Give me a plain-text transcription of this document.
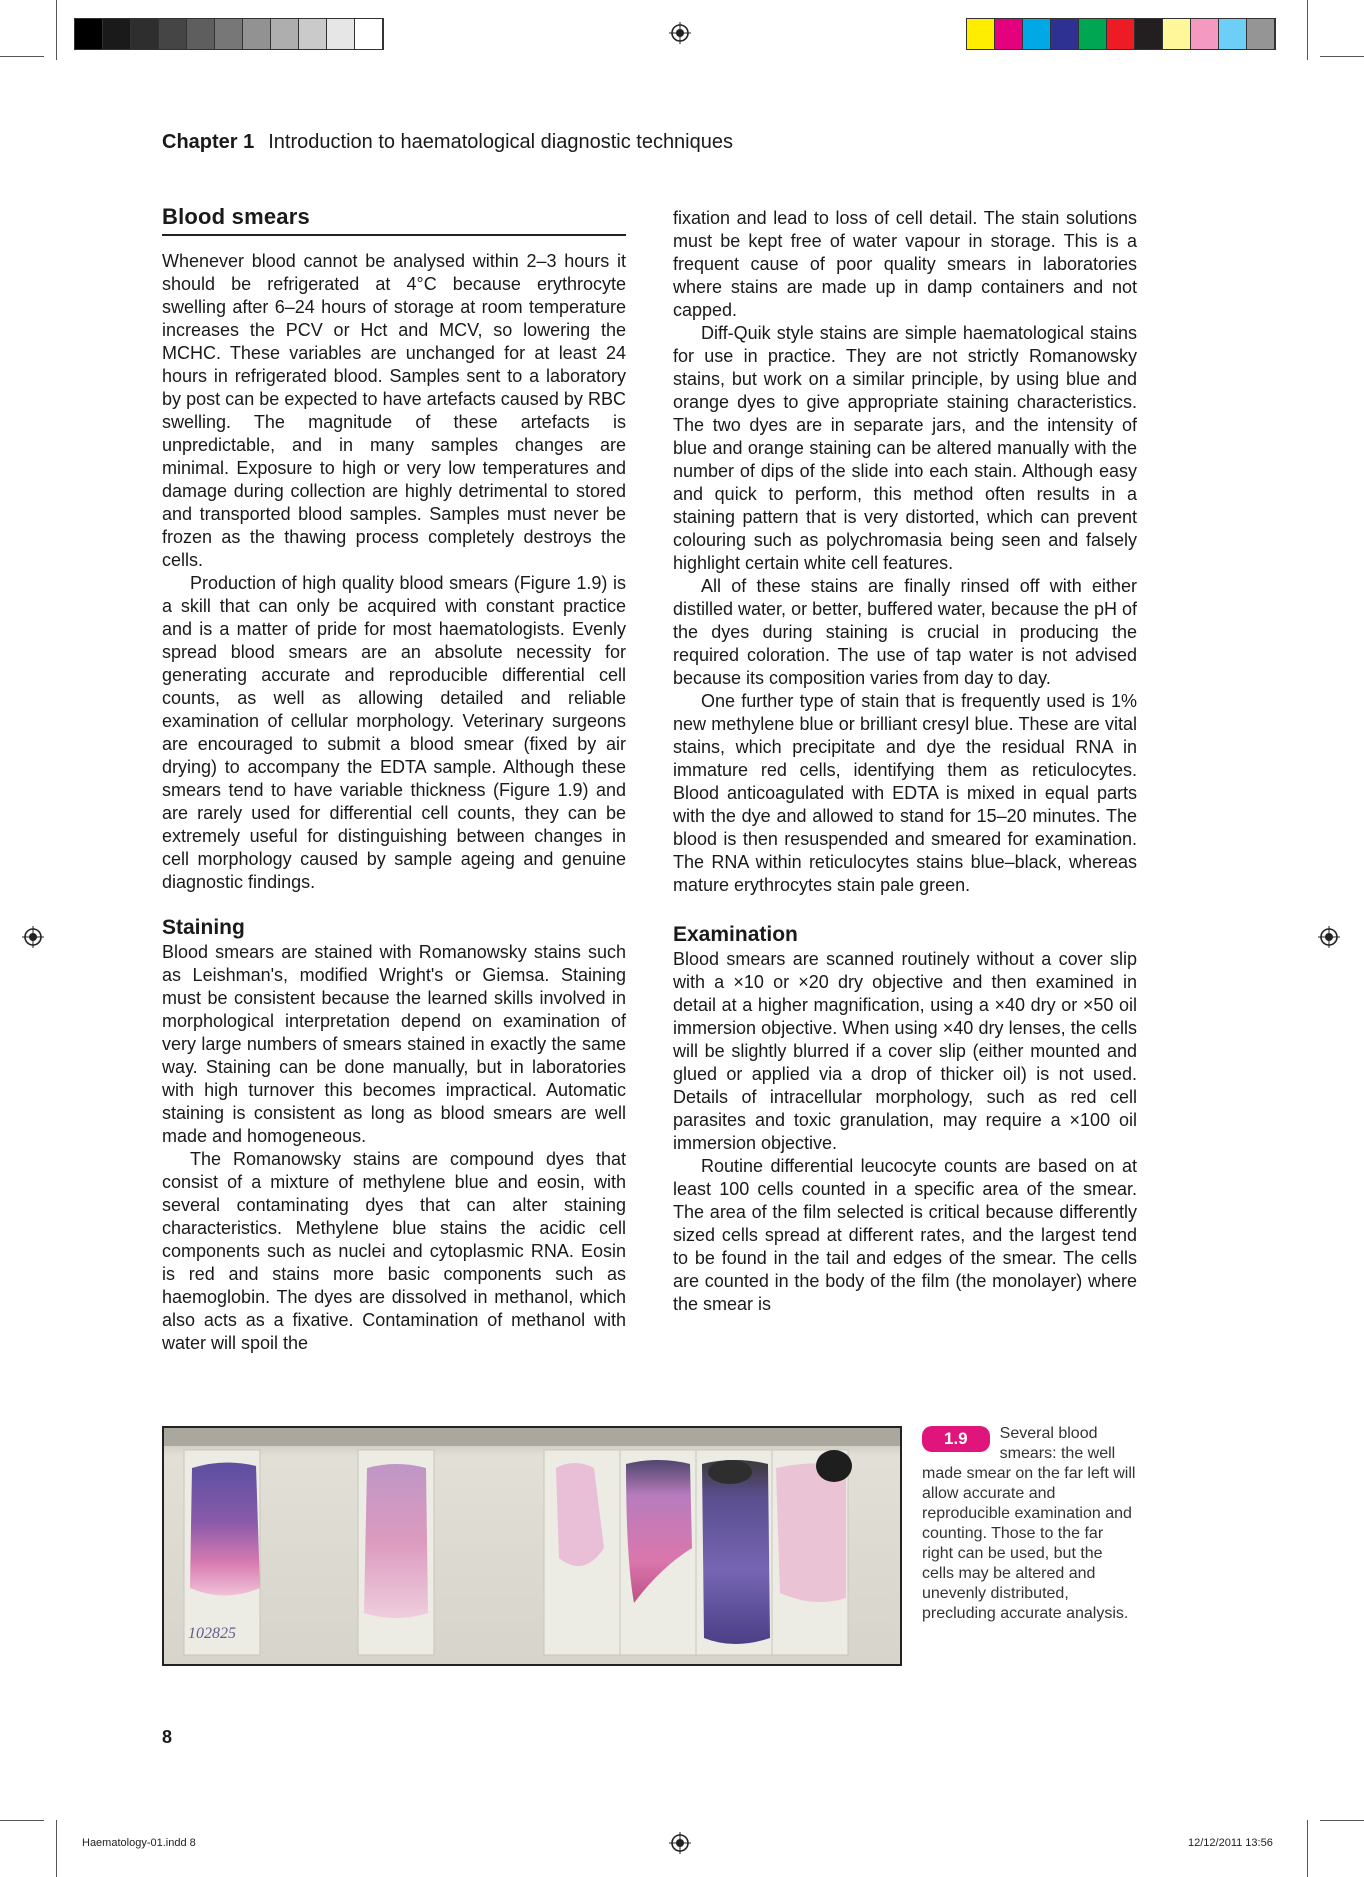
Chapter 1 Introduction to haematological diagnostic techniques
Blood smears

Whenever blood cannot be analysed within 2–3 hours it should be refrigerated at 4°C because erythrocyte swelling after 6–24 hours of storage at room temperature increases the PCV or Hct and MCV, so lowering the MCHC. These variables are unchanged for at least 24 hours in refrigerated blood. Samples sent to a laboratory by post can be expected to have artefacts caused by RBC swelling. The magnitude of these artefacts is unpredictable, and in many samples changes are minimal. Exposure to high or very low temperatures and damage during collection are highly detrimental to stored and transported blood samples. Samples must never be frozen as the thawing process completely destroys the cells.

Production of high quality blood smears (Figure 1.9) is a skill that can only be acquired with constant practice and is a matter of pride for most haematologists. Evenly spread blood smears are an absolute necessity for generating accurate and reproducible differential cell counts, as well as allowing detailed and reliable examination of cellular morphology. Veterinary surgeons are encouraged to submit a blood smear (fixed by air drying) to accompany the EDTA sample. Although these smears tend to have variable thickness (Figure 1.9) and are rarely used for differential cell counts, they can be extremely useful for distinguishing between changes in cell morphology caused by sample ageing and genuine diagnostic findings.

Staining

Blood smears are stained with Romanowsky stains such as Leishman's, modified Wright's or Giemsa. Staining must be consistent because the learned skills involved in morphological interpretation depend on examination of very large numbers of smears stained in exactly the same way. Staining can be done manually, but in laboratories with high turnover this becomes impractical. Automatic staining is consistent as long as blood smears are well made and homogeneous.

The Romanowsky stains are compound dyes that consist of a mixture of methylene blue and eosin, with several contaminating dyes that can alter staining characteristics. Methylene blue stains the acidic cell components such as nuclei and cytoplasmic RNA. Eosin is red and stains more basic components such as haemoglobin. The dyes are dissolved in methanol, which also acts as a fixative. Contamination of methanol with water will spoil the

fixation and lead to loss of cell detail. The stain solutions must be kept free of water vapour in storage. This is a frequent cause of poor quality smears in laboratories where stains are made up in damp containers and not capped.

Diff-Quik style stains are simple haematological stains for use in practice. They are not strictly Romanowsky stains, but work on a similar principle, by using blue and orange dyes to give appropriate staining characteristics. The two dyes are in separate jars, and the intensity of blue and orange staining can be altered manually with the number of dips of the slide into each stain. Although easy and quick to perform, this method often results in a staining pattern that is very distorted, which can prevent colouring such as polychromasia being seen and falsely highlight certain white cell features.

All of these stains are finally rinsed off with either distilled water, or better, buffered water, because the pH of the dyes during staining is crucial in producing the required coloration. The use of tap water is not advised because its composition varies from day to day.

One further type of stain that is frequently used is 1% new methylene blue or brilliant cresyl blue. These are vital stains, which precipitate and dye the residual RNA in immature red cells, identifying them as reticulocytes. Blood anticoagulated with EDTA is mixed in equal parts with the dye and allowed to stand for 15–20 minutes. The blood is then resuspended and smeared for examination. The RNA within reticulocytes stains blue–black, whereas mature erythrocytes stain pale green.

Examination

Blood smears are scanned routinely without a cover slip with a ×10 or ×20 dry objective and then examined in detail at a higher magnification, using a ×40 dry or ×50 oil immersion objective. When using ×40 dry lenses, the cells will be slightly blurred if a cover slip (either mounted and glued or applied via a drop of thicker oil) is not used. Details of intracellular morphology, such as red cell parasites and toxic granulation, may require a ×100 oil immersion objective.

Routine differential leucocyte counts are based on at least 100 cells counted in a specific area of the smear. The area of the film selected is critical because differently sized cells spread at different rates, and the largest tend to be found in the tail and edges of the smear. The cells are counted in the body of the film (the monolayer) where the smear is

102825
1.9	Several blood smears: the well made smear on the far left will allow accurate and reproducible examination and counting. Those to the far right can be used, but the cells may be altered and unevenly distributed, precluding accurate analysis.
8
Haematology-01.indd 8	12/12/2011 13:56
